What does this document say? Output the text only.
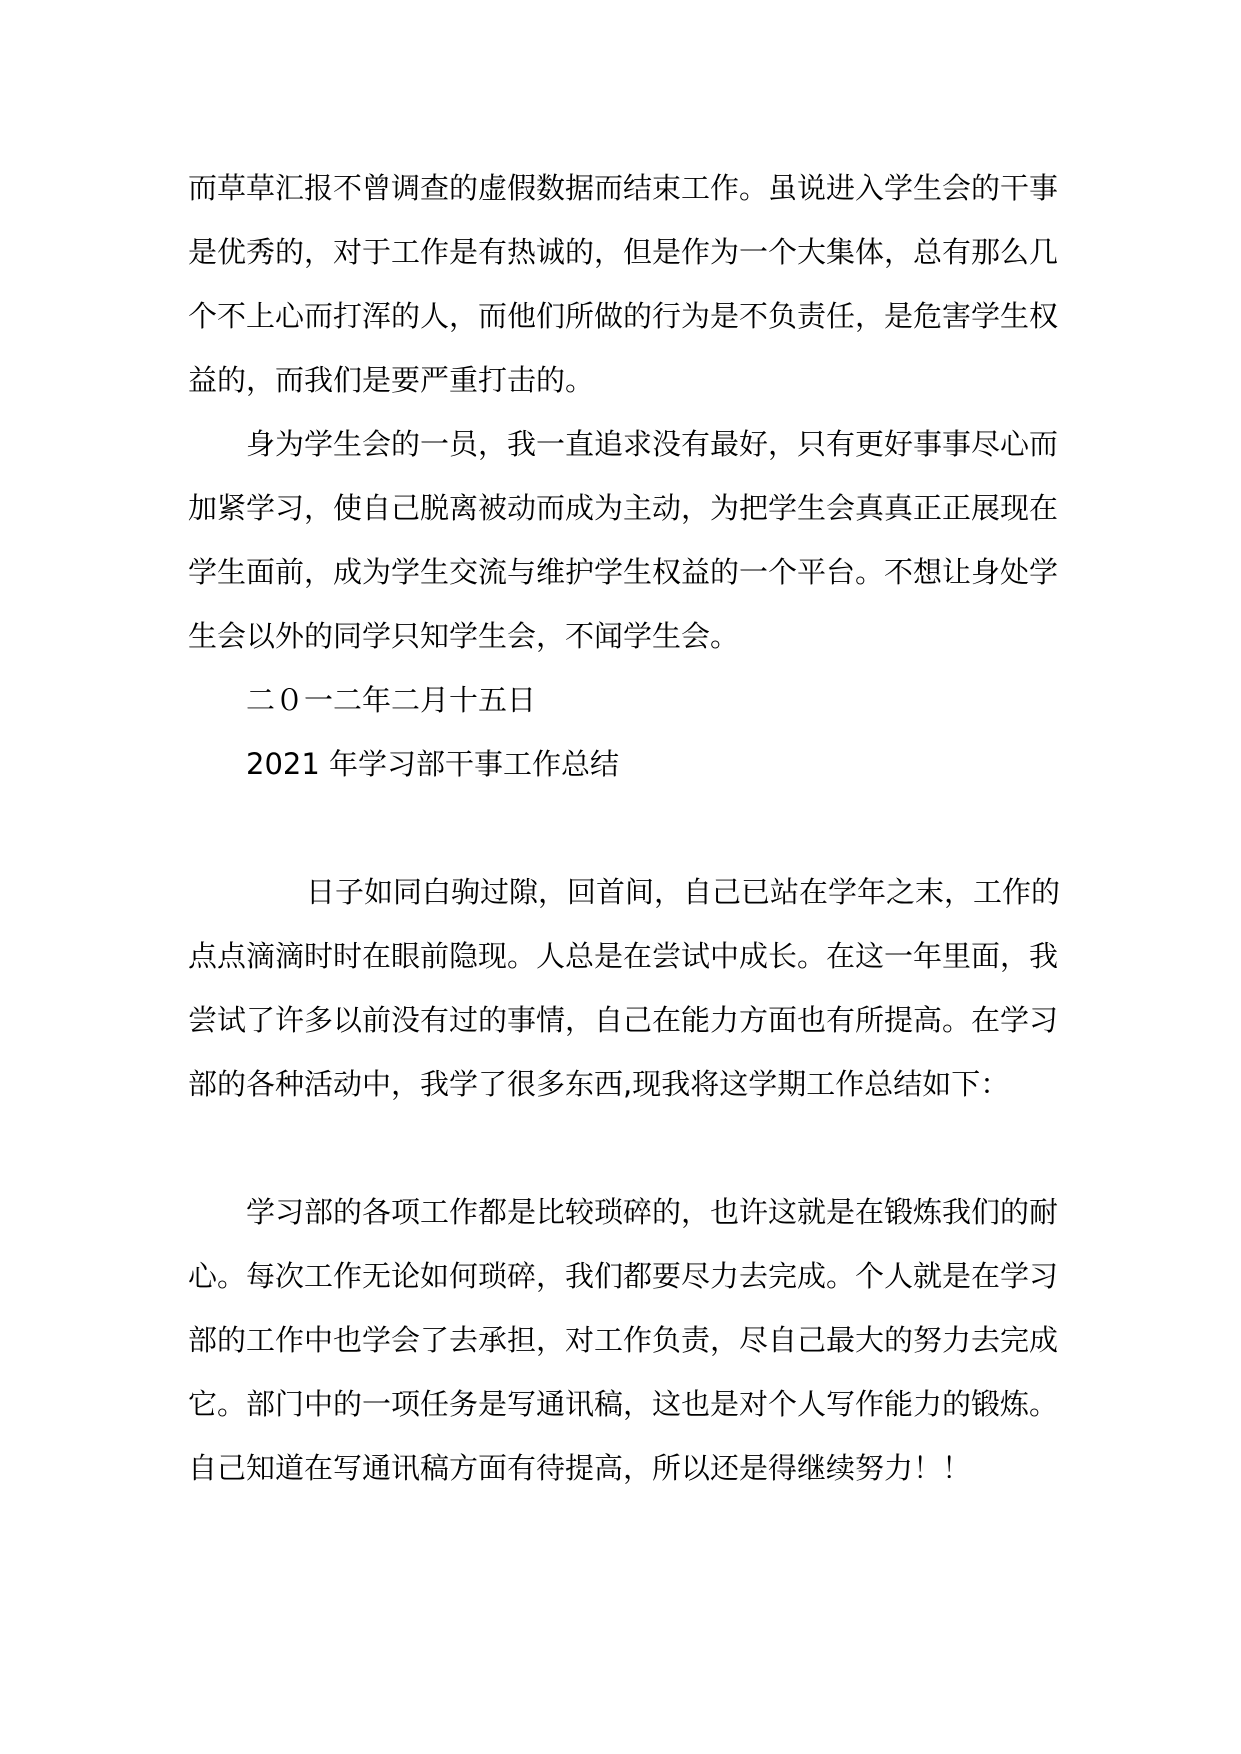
而草草汇报不曾调查的虚假数据而结束工作。虽说进入学生会的干事
是优秀的，对于工作是有热诚的，但是作为一个大集体，总有那么几
个不上心而打浑的人，而他们所做的行为是不负责任，是危害学生权
益的，而我们是要严重打击的。
身为学生会的一员，我一直追求没有最好，只有更好事事尽心而
加紧学习，使自己脱离被动而成为主动，为把学生会真真正正展现在
学生面前，成为学生交流与维护学生权益的一个平台。不想让身处学
生会以外的同学只知学生会，不闻学生会。
二０一二年二月十五日
2021 年学习部干事工作总结
日子如同白驹过隙，回首间，自己已站在学年之末，工作的
点点滴滴时时在眼前隐现。人总是在尝试中成长。在这一年里面，我
尝试了许多以前没有过的事情，自己在能力方面也有所提高。在学习
部的各种活动中，我学了很多东西,现我将这学期工作总结如下：
学习部的各项工作都是比较琐碎的，也许这就是在锻炼我们的耐
心。每次工作无论如何琐碎，我们都要尽力去完成。个人就是在学习
部的工作中也学会了去承担，对工作负责，尽自己最大的努力去完成
它。部门中的一项任务是写通讯稿，这也是对个人写作能力的锻炼。
自己知道在写通讯稿方面有待提高，所以还是得继续努力！！
